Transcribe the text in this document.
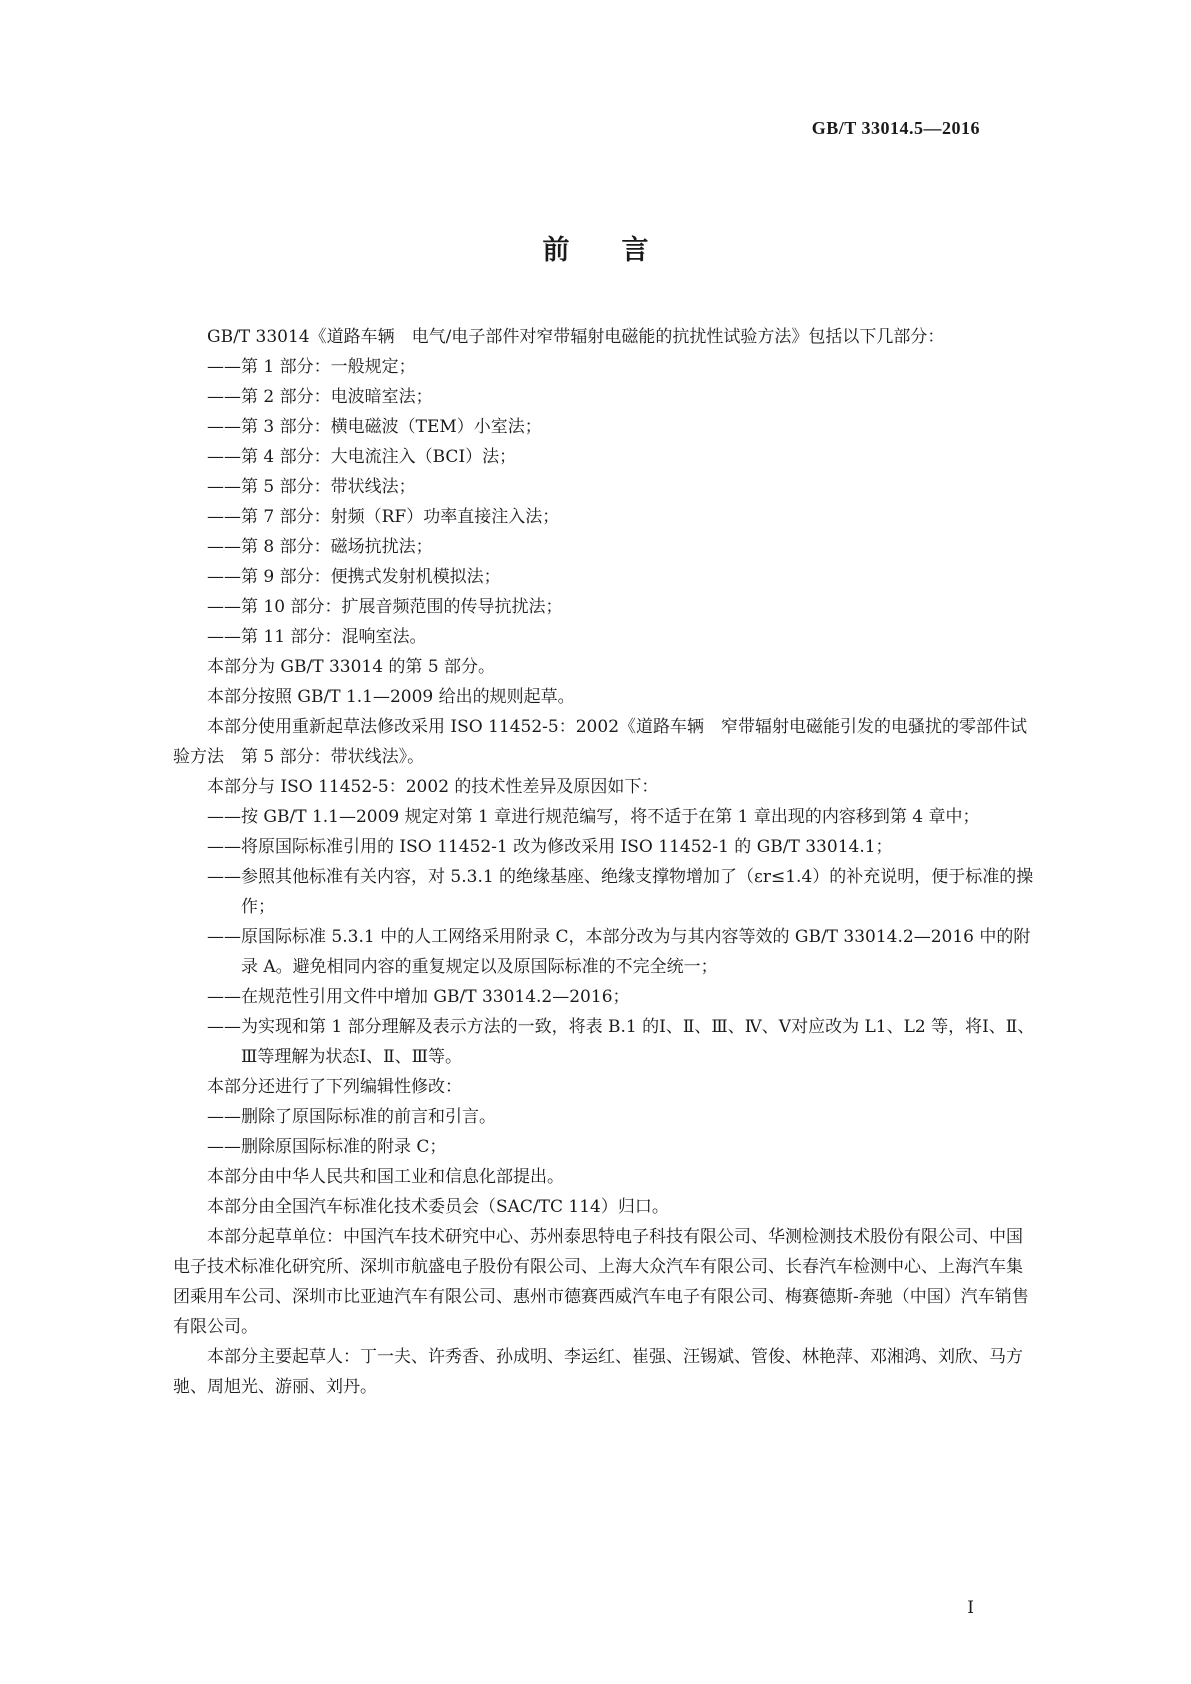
GB/T 33014.5—2016
前言

GB/T 33014《道路车辆　电气/电子部件对窄带辐射电磁能的抗扰性试验方法》包括以下几部分：

——第 1 部分：一般规定；

——第 2 部分：电波暗室法；

——第 3 部分：横电磁波（TEM）小室法；

——第 4 部分：大电流注入（BCI）法；

——第 5 部分：带状线法；

——第 7 部分：射频（RF）功率直接注入法；

——第 8 部分：磁场抗扰法；

——第 9 部分：便携式发射机模拟法；

——第 10 部分：扩展音频范围的传导抗扰法；

——第 11 部分：混响室法。

本部分为 GB/T 33014 的第 5 部分。

本部分按照 GB/T 1.1—2009 给出的规则起草。

本部分使用重新起草法修改采用 ISO 11452-5：2002《道路车辆　窄带辐射电磁能引发的电骚扰的零部件试验方法　第 5 部分：带状线法》。

本部分与 ISO 11452-5：2002 的技术性差异及原因如下：

——按 GB/T 1.1—2009 规定对第 1 章进行规范编写，将不适于在第 1 章出现的内容移到第 4 章中；

——将原国际标准引用的 ISO 11452-1 改为修改采用 ISO 11452-1 的 GB/T 33014.1；

——参照其他标准有关内容，对 5.3.1 的绝缘基座、绝缘支撑物增加了（εr≤1.4）的补充说明，便于标准的操作；

——原国际标准 5.3.1 中的人工网络采用附录 C，本部分改为与其内容等效的 GB/T 33014.2—2016 中的附录 A。避免相同内容的重复规定以及原国际标准的不完全统一；

——在规范性引用文件中增加 GB/T 33014.2—2016；

——为实现和第 1 部分理解及表示方法的一致，将表 B.1 的Ⅰ、Ⅱ、Ⅲ、Ⅳ、Ⅴ对应改为 L1、L2 等，将Ⅰ、Ⅱ、Ⅲ等理解为状态Ⅰ、Ⅱ、Ⅲ等。

本部分还进行了下列编辑性修改：

——删除了原国际标准的前言和引言。

——删除原国际标准的附录 C；

本部分由中华人民共和国工业和信息化部提出。

本部分由全国汽车标准化技术委员会（SAC/TC 114）归口。

本部分起草单位：中国汽车技术研究中心、苏州泰思特电子科技有限公司、华测检测技术股份有限公司、中国电子技术标准化研究所、深圳市航盛电子股份有限公司、上海大众汽车有限公司、长春汽车检测中心、上海汽车集团乘用车公司、深圳市比亚迪汽车有限公司、惠州市德赛西威汽车电子有限公司、梅赛德斯-奔驰（中国）汽车销售有限公司。

本部分主要起草人：丁一夫、许秀香、孙成明、李运红、崔强、汪锡斌、管俊、林艳萍、邓湘鸿、刘欣、马方驰、周旭光、游丽、刘丹。

I
